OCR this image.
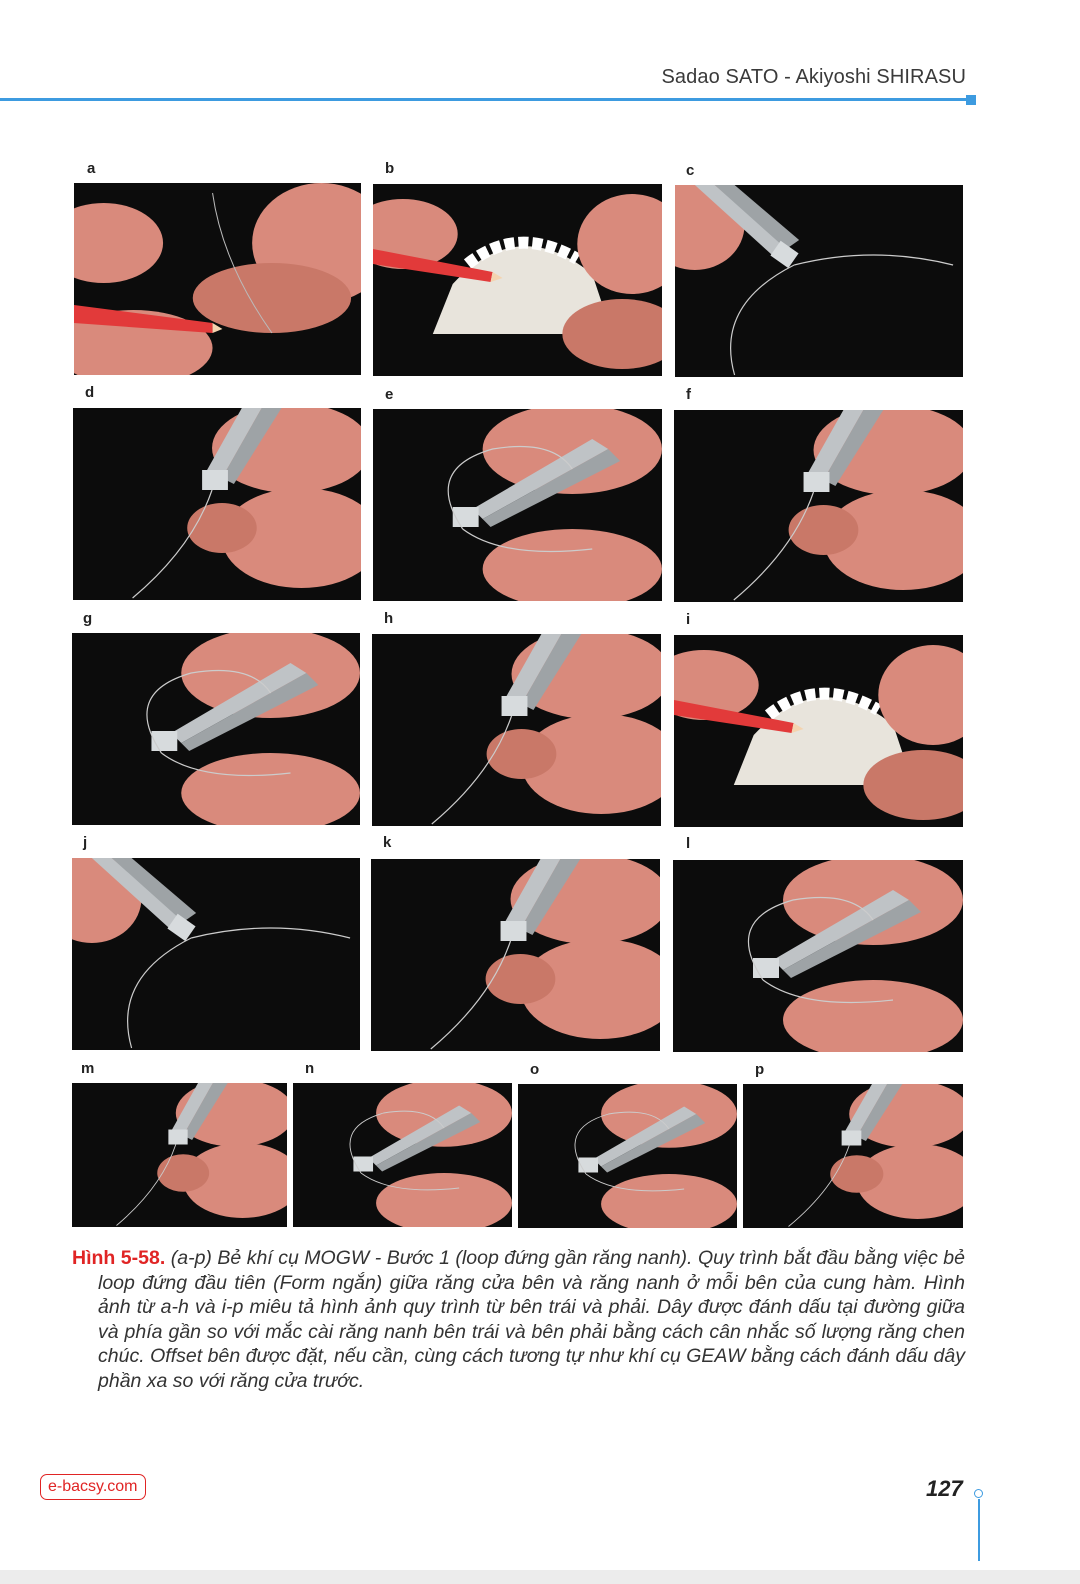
Sadao SATO - Akiyoshi SHIRASU
a	b	c
d	e	f
g	h	i
j	k	l
m	n	o	p

Hình 5-58. (a-p) Bẻ khí cụ MOGW - Bước 1 (loop đứng gần răng nanh). Quy trình bắt đầu bằng việc bẻ loop đứng đầu tiên (Form ngắn) giữa răng cửa bên và răng nanh ở mỗi bên của cung hàm. Hình ảnh từ a-h và i-p miêu tả hình ảnh quy trình từ bên trái và phải. Dây được đánh dấu tại đường giữa và phía gần so với mắc cài răng nanh bên trái và bên phải bằng cách cân nhắc số lượng răng chen chúc. Offset bên được đặt, nếu cần, cùng cách tương tự như khí cụ GEAW bằng cách đánh dấu dây phần xa so với răng cửa trước.

e-bacsy.com	127
